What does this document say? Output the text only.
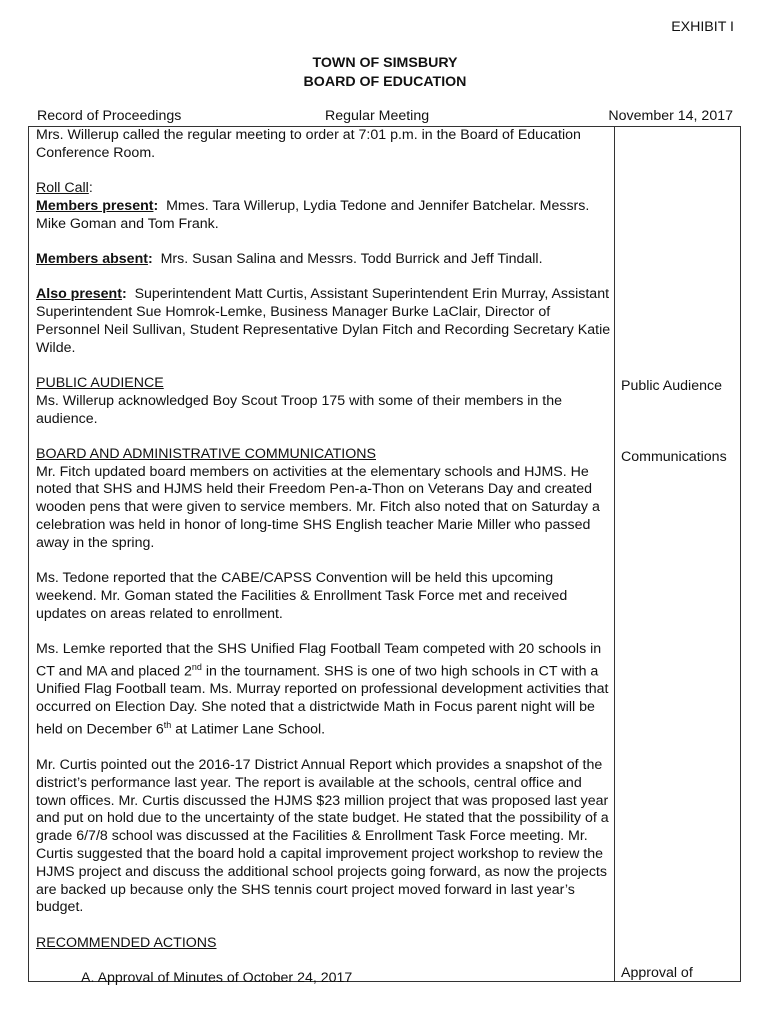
EXHIBIT I
TOWN OF SIMSBURY
BOARD OF EDUCATION
Record of Proceedings	Regular Meeting	November 14, 2017

Mrs. Willerup called the regular meeting to order at 7:01 p.m. in the Board of Education Conference Room.

Roll Call:
Members present: Mmes. Tara Willerup, Lydia Tedone and Jennifer Batchelar. Messrs. Mike Goman and Tom Frank.

Members absent: Mrs. Susan Salina and Messrs. Todd Burrick and Jeff Tindall.

Also present: Superintendent Matt Curtis, Assistant Superintendent Erin Murray, Assistant Superintendent Sue Homrok-Lemke, Business Manager Burke LaClair, Director of Personnel Neil Sullivan, Student Representative Dylan Fitch and Recording Secretary Katie Wilde.

PUBLIC AUDIENCE
Ms. Willerup acknowledged Boy Scout Troop 175 with some of their members in the audience.

BOARD AND ADMINISTRATIVE COMMUNICATIONS
Mr. Fitch updated board members on activities at the elementary schools and HJMS. He noted that SHS and HJMS held their Freedom Pen-a-Thon on Veterans Day and created wooden pens that were given to service members. Mr. Fitch also noted that on Saturday a celebration was held in honor of long-time SHS English teacher Marie Miller who passed away in the spring.

Ms. Tedone reported that the CABE/CAPSS Convention will be held this upcoming weekend. Mr. Goman stated the Facilities & Enrollment Task Force met and received updates on areas related to enrollment.

Ms. Lemke reported that the SHS Unified Flag Football Team competed with 20 schools in CT and MA and placed 2nd in the tournament. SHS is one of two high schools in CT with a Unified Flag Football team. Ms. Murray reported on professional development activities that occurred on Election Day. She noted that a districtwide Math in Focus parent night will be held on December 6th at Latimer Lane School.

Mr. Curtis pointed out the 2016-17 District Annual Report which provides a snapshot of the district’s performance last year. The report is available at the schools, central office and town offices. Mr. Curtis discussed the HJMS $23 million project that was proposed last year and put on hold due to the uncertainty of the state budget. He stated that the possibility of a grade 6/7/8 school was discussed at the Facilities & Enrollment Task Force meeting. Mr. Curtis suggested that the board hold a capital improvement project workshop to review the HJMS project and discuss the additional school projects going forward, as now the projects are backed up because only the SHS tennis court project moved forward in last year’s budget.

RECOMMENDED ACTIONS

A. Approval of Minutes of October 24, 2017

Public Audience
Communications
Approval of
